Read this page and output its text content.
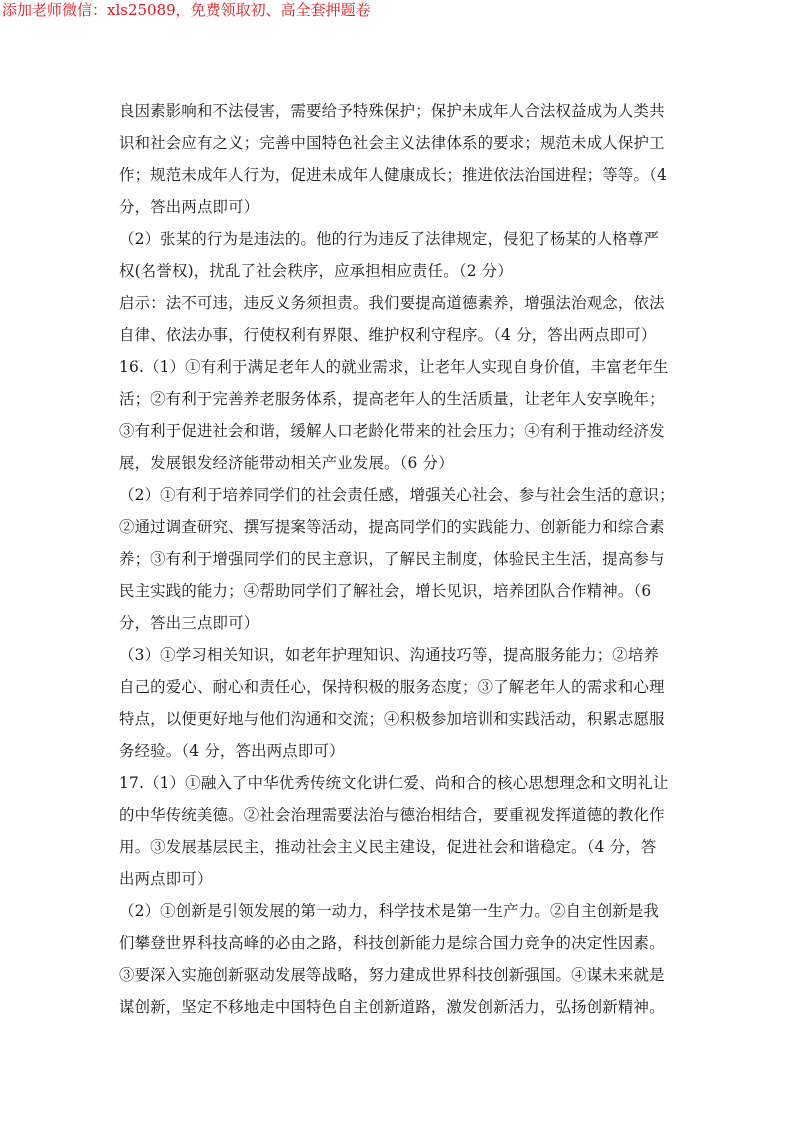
添加老师微信：xls25089，免费领取初、高全套押题卷
良因素影响和不法侵害，需要给予特殊保护；保护未成年人合法权益成为人类共
识和社会应有之义；完善中国特色社会主义法律体系的要求；规范未成人保护工
作；规范未成年人行为，促进未成年人健康成长；推进依法治国进程；等等。（4
分，答出两点即可）
（2）张某的行为是违法的。他的行为违反了法律规定，侵犯了杨某的人格尊严
权(名誉权)，扰乱了社会秩序，应承担相应责任。（2 分）
启示：法不可违，违反义务须担责。我们要提高道德素养，增强法治观念，依法
自律、依法办事，行使权利有界限、维护权利守程序。（4 分，答出两点即可）
16.（1）①有利于满足老年人的就业需求，让老年人实现自身价值，丰富老年生
活；②有利于完善养老服务体系，提高老年人的生活质量，让老年人安享晚年；
③有利于促进社会和谐，缓解人口老龄化带来的社会压力；④有利于推动经济发
展，发展银发经济能带动相关产业发展。（6 分）
（2）①有利于培养同学们的社会责任感，增强关心社会、参与社会生活的意识；
②通过调查研究、撰写提案等活动，提高同学们的实践能力、创新能力和综合素
养；③有利于增强同学们的民主意识，了解民主制度，体验民主生活，提高参与
民主实践的能力；④帮助同学们了解社会，增长见识，培养团队合作精神。（6
分，答出三点即可）
（3）①学习相关知识，如老年护理知识、沟通技巧等，提高服务能力；②培养
自己的爱心、耐心和责任心，保持积极的服务态度；③了解老年人的需求和心理
特点，以便更好地与他们沟通和交流；④积极参加培训和实践活动，积累志愿服
务经验。（4 分，答出两点即可）
17.（1）①融入了中华优秀传统文化讲仁爱、尚和合的核心思想理念和文明礼让
的中华传统美德。②社会治理需要法治与德治相结合，要重视发挥道德的教化作
用。③发展基层民主，推动社会主义民主建设，促进社会和谐稳定。（4 分，答
出两点即可）
（2）①创新是引领发展的第一动力，科学技术是第一生产力。②自主创新是我
们攀登世界科技高峰的必由之路，科技创新能力是综合国力竞争的决定性因素。
③要深入实施创新驱动发展等战略，努力建成世界科技创新强国。④谋未来就是
谋创新，坚定不移地走中国特色自主创新道路，激发创新活力，弘扬创新精神。
